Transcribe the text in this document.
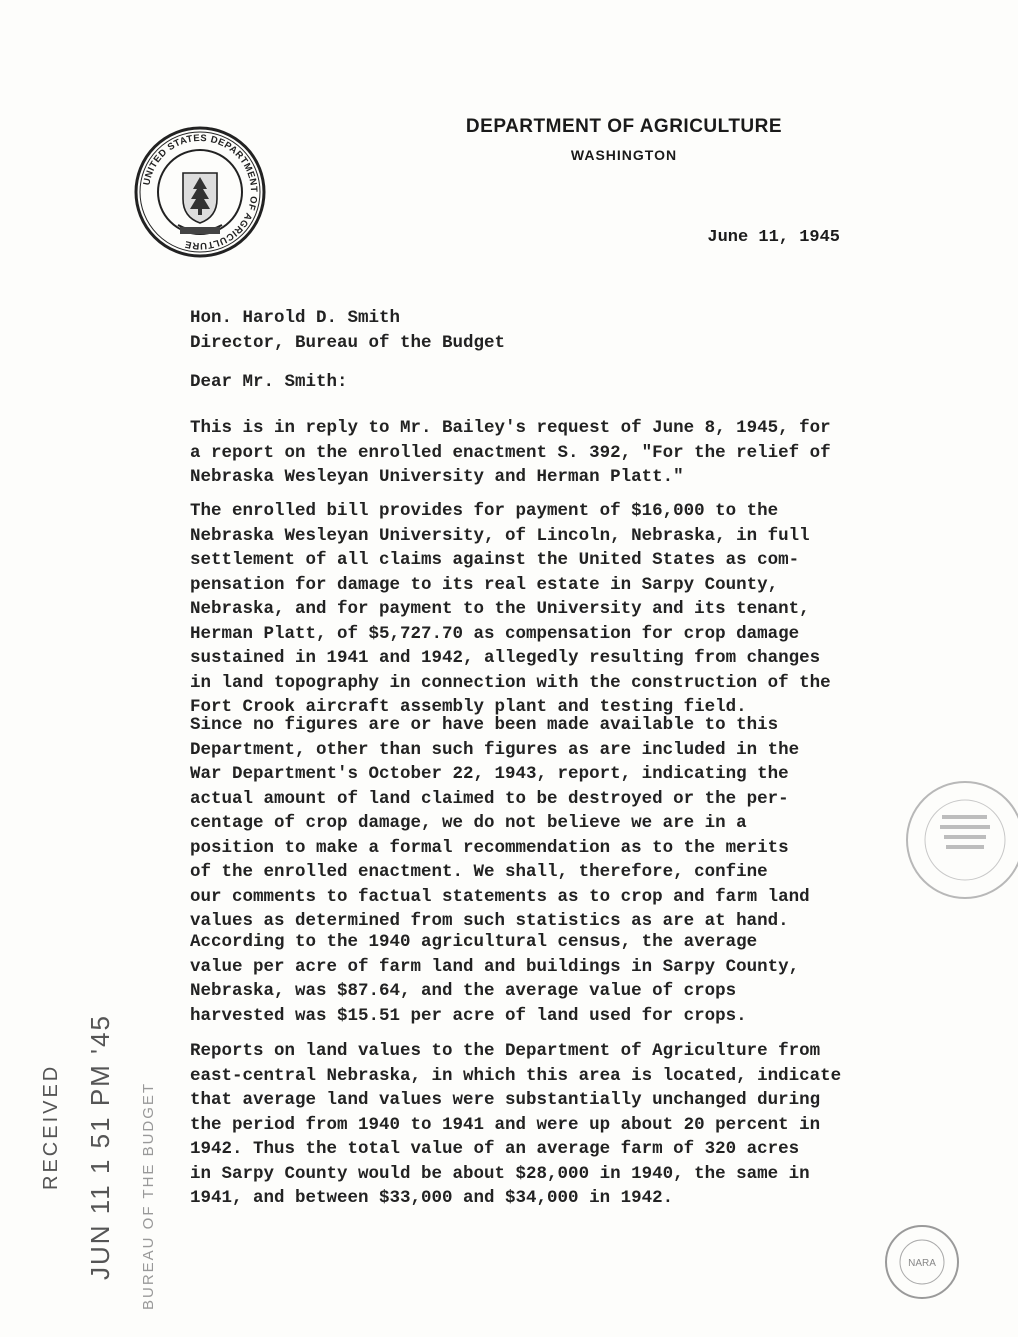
UNITED STATES DEPARTMENT OF AGRICULTURE
DEPARTMENT OF AGRICULTURE
WASHINGTON
June 11, 1945
Hon. Harold D. Smith
Director, Bureau of the Budget
Dear Mr. Smith:
This is in reply to Mr. Bailey's request of June 8, 1945, for
a report on the enrolled enactment S. 392, "For the relief of
Nebraska Wesleyan University and Herman Platt."
The enrolled bill provides for payment of $16,000 to the
Nebraska Wesleyan University, of Lincoln, Nebraska, in full
settlement of all claims against the United States as com-
pensation for damage to its real estate in Sarpy County,
Nebraska, and for payment to the University and its tenant,
Herman Platt, of $5,727.70 as compensation for crop damage
sustained in 1941 and 1942, allegedly resulting from changes
in land topography in connection with the construction of the
Fort Crook aircraft assembly plant and testing field.
Since no figures are or have been made available to this
Department, other than such figures as are included in the
War Department's October 22, 1943, report, indicating the
actual amount of land claimed to be destroyed or the per-
centage of crop damage, we do not believe we are in a
position to make a formal recommendation as to the merits
of the enrolled enactment. We shall, therefore, confine
our comments to factual statements as to crop and farm land
values as determined from such statistics as are at hand.
According to the 1940 agricultural census, the average
value per acre of farm land and buildings in Sarpy County,
Nebraska, was $87.64, and the average value of crops
harvested was $15.51 per acre of land used for crops.
Reports on land values to the Department of Agriculture from
east-central Nebraska, in which this area is located, indicate
that average land values were substantially unchanged during
the period from 1940 to 1941 and were up about 20 percent in
1942. Thus the total value of an average farm of 320 acres
in Sarpy County would be about $28,000 in 1940, the same in
1941, and between $33,000 and $34,000 in 1942.
RECEIVED JUN 11 1 51 PM '45 BUREAU OF THE BUDGET	NARA
